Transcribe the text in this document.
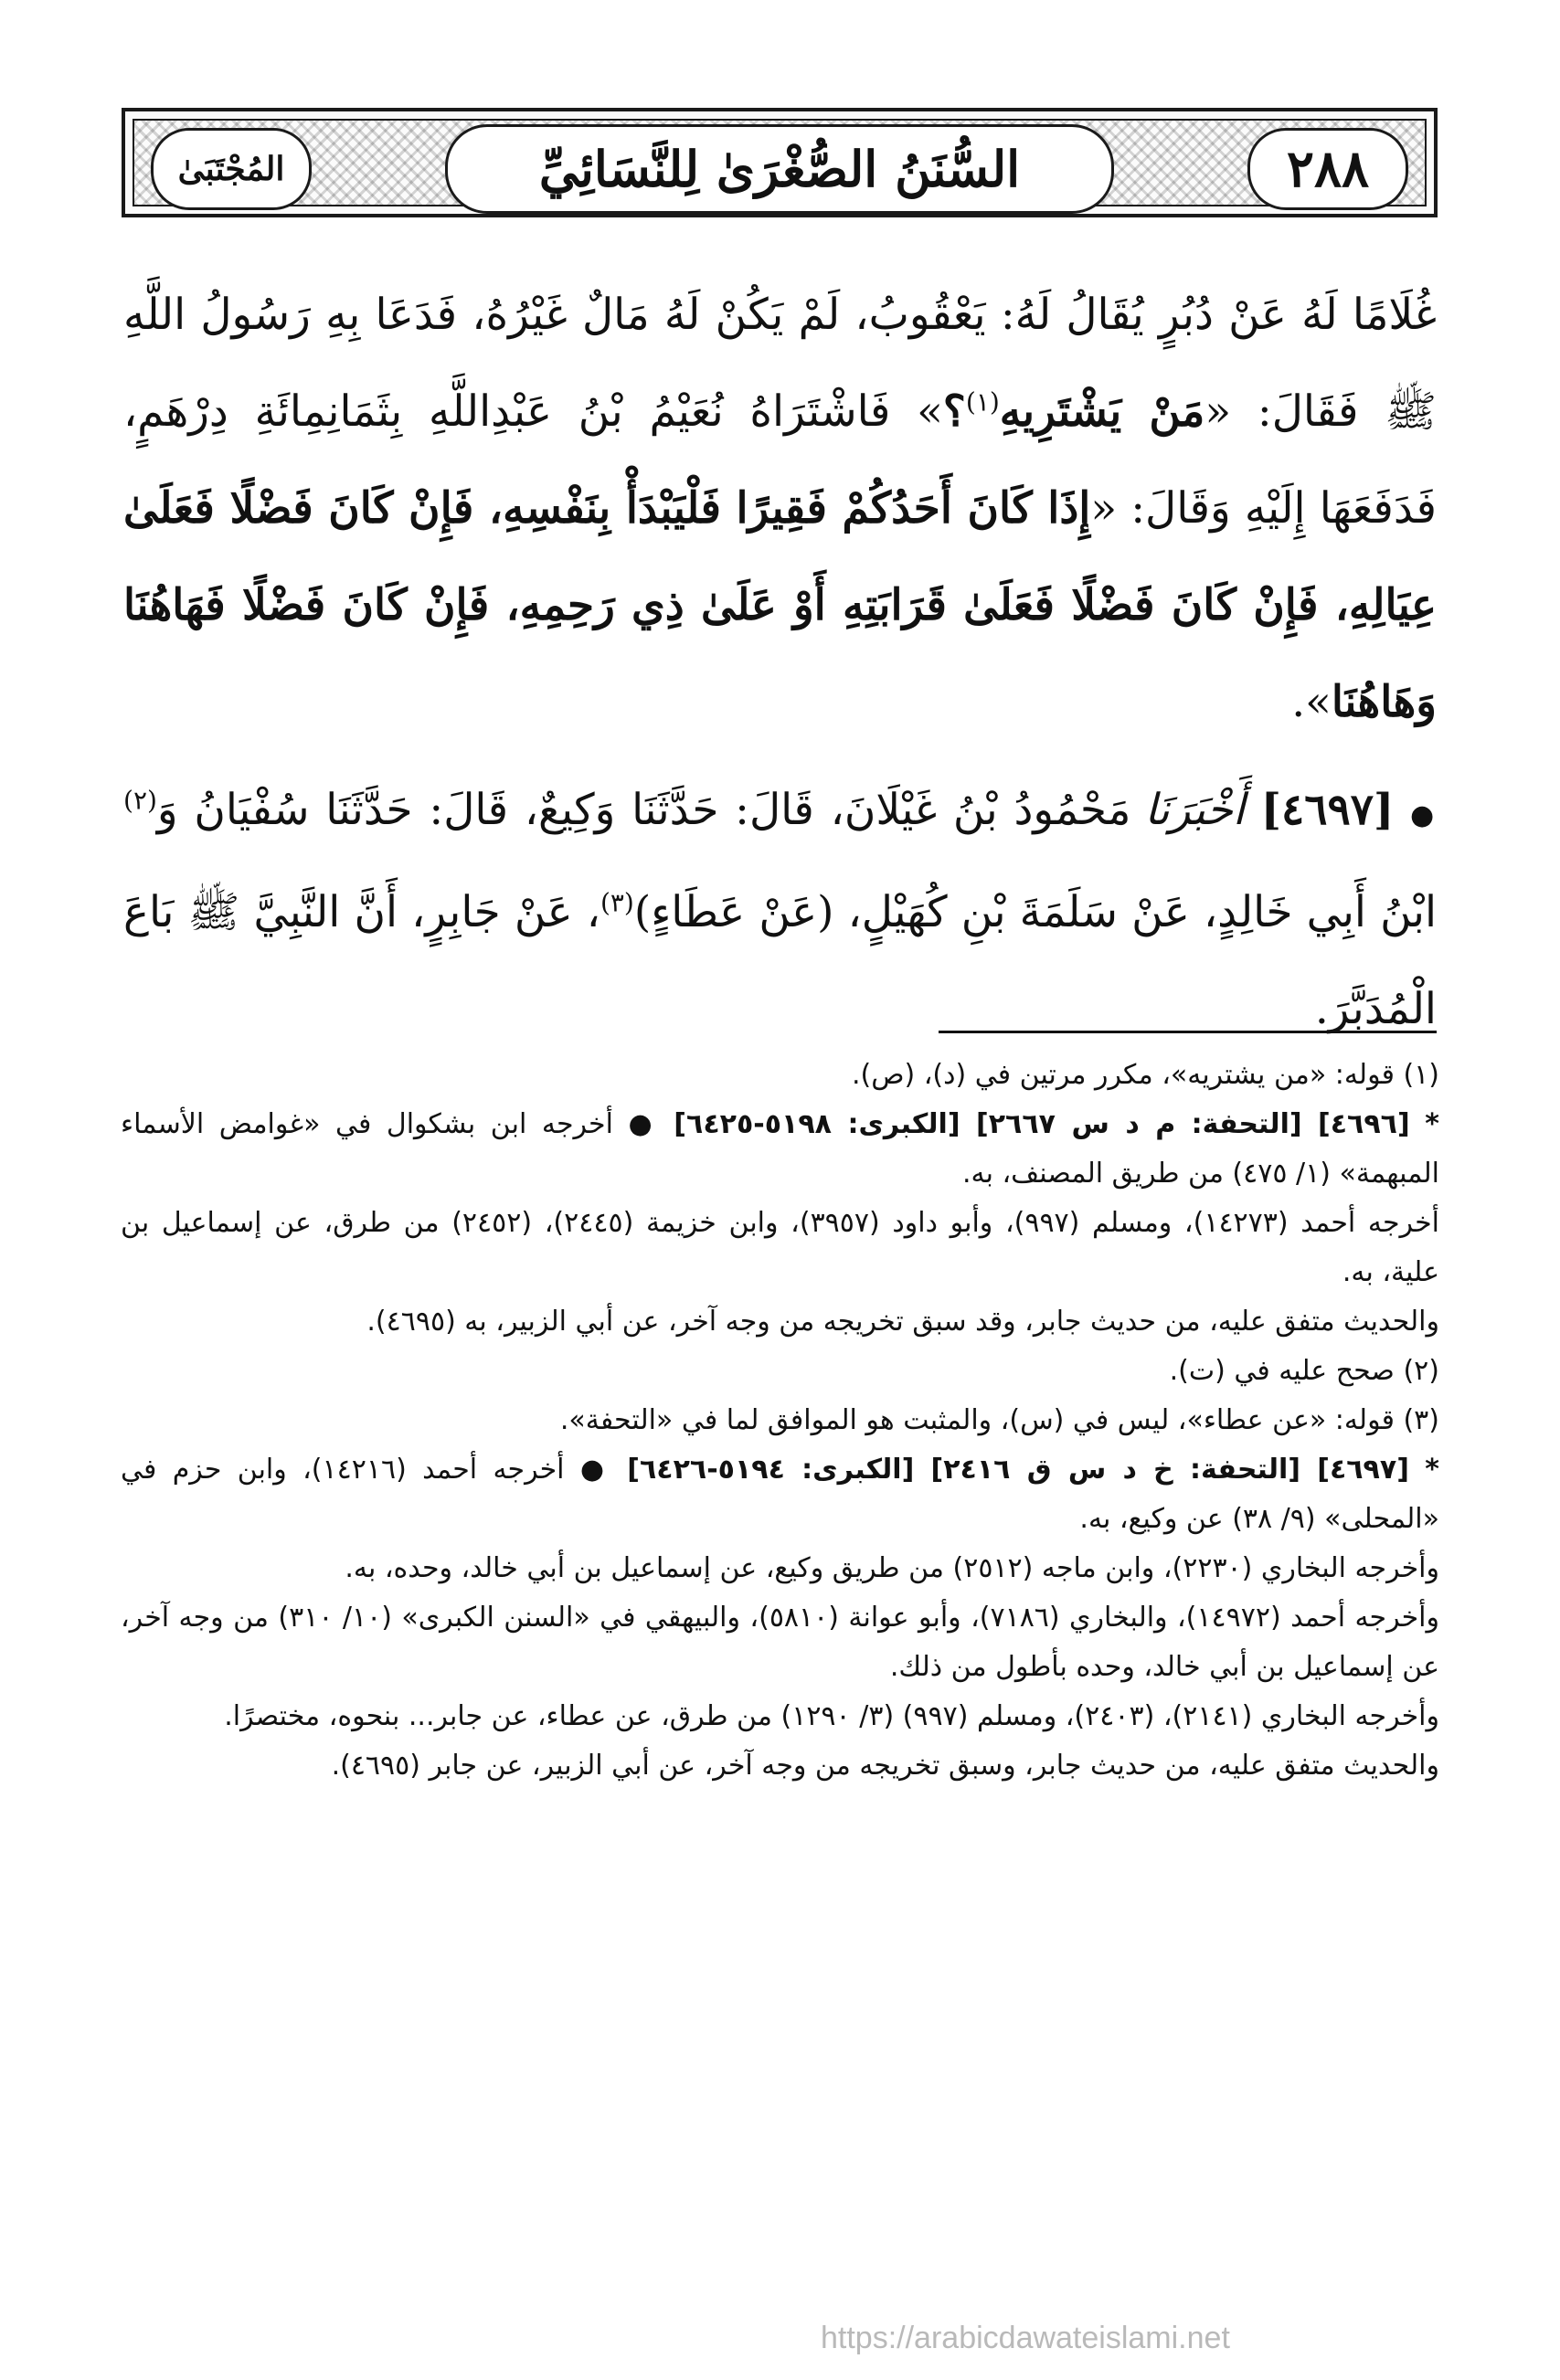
٢٨٨
السُّنَنُ الصُّغْرَىٰ لِلنَّسَائِيِّ
المُجْتَبَىٰ

غُلَامًا لَهُ عَنْ دُبُرٍ يُقَالُ لَهُ: يَعْقُوبُ، لَمْ يَكُنْ لَهُ مَالٌ غَيْرُهُ، فَدَعَا بِهِ رَسُولُ اللَّهِ ﷺ فَقَالَ: «مَنْ يَشْتَرِيهِ$^{(١)}$؟» فَاشْتَرَاهُ نُعَيْمُ بْنُ عَبْدِاللَّهِ بِثَمَانِمِائَةِ دِرْهَمٍ، فَدَفَعَهَا إِلَيْهِ وَقَالَ: «إِذَا كَانَ أَحَدُكُمْ فَقِيرًا فَلْيَبْدَأْ بِنَفْسِهِ، فَإِنْ كَانَ فَضْلًا فَعَلَىٰ عِيَالِهِ، فَإِنْ كَانَ فَضْلًا فَعَلَىٰ قَرَابَتِهِ أَوْ عَلَىٰ ذِي رَحِمِهِ، فَإِنْ كَانَ فَضْلًا فَهَاهُنَا وَهَاهُنَا».

● [٤٦٩٧] أَخْبَرَنَا مَحْمُودُ بْنُ غَيْلَانَ، قَالَ: حَدَّثَنَا وَكِيعٌ، قَالَ: حَدَّثَنَا سُفْيَانُ وَ$^{(٢)}$ ابْنُ أَبِي خَالِدٍ، عَنْ سَلَمَةَ بْنِ كُهَيْلٍ، (عَنْ عَطَاءٍ)$^{(٣)}$، عَنْ جَابِرٍ، أَنَّ النَّبِيَّ ﷺ بَاعَ الْمُدَبَّرَ.

(١) قوله: «من يشتريه»، مكرر مرتين في (د)، (ص).

* [٤٦٩٦] [التحفة: م د س ٢٦٦٧] [الكبرى: ٥١٩٨-٦٤٢٥] ● أخرجه ابن بشكوال في «غوامض الأسماء المبهمة» (١/ ٤٧٥) من طريق المصنف، به.

أخرجه أحمد (١٤٢٧٣)، ومسلم (٩٩٧)، وأبو داود (٣٩٥٧)، وابن خزيمة (٢٤٤٥)، (٢٤٥٢) من طرق، عن إسماعيل بن علية، به.

والحديث متفق عليه، من حديث جابر، وقد سبق تخريجه من وجه آخر، عن أبي الزبير، به (٤٦٩٥).

(٢) صحح عليه في (ت).

(٣) قوله: «عن عطاء»، ليس في (س)، والمثبت هو الموافق لما في «التحفة».

* [٤٦٩٧] [التحفة: خ د س ق ٢٤١٦] [الكبرى: ٥١٩٤-٦٤٢٦] ● أخرجه أحمد (١٤٢١٦)، وابن حزم في «المحلى» (٩/ ٣٨) عن وكيع، به.

وأخرجه البخاري (٢٢٣٠)، وابن ماجه (٢٥١٢) من طريق وكيع، عن إسماعيل بن أبي خالد، وحده، به.

وأخرجه أحمد (١٤٩٧٢)، والبخاري (٧١٨٦)، وأبو عوانة (٥٨١٠)، والبيهقي في «السنن الكبرى» (١٠/ ٣١٠) من وجه آخر، عن إسماعيل بن أبي خالد، وحده بأطول من ذلك.

وأخرجه البخاري (٢١٤١)، (٢٤٠٣)، ومسلم (٩٩٧) (٣/ ١٢٩٠) من طرق، عن عطاء، عن جابر... بنحوه، مختصرًا.

والحديث متفق عليه، من حديث جابر، وسبق تخريجه من وجه آخر، عن أبي الزبير، عن جابر (٤٦٩٥).

https://arabicdawateislami.net
